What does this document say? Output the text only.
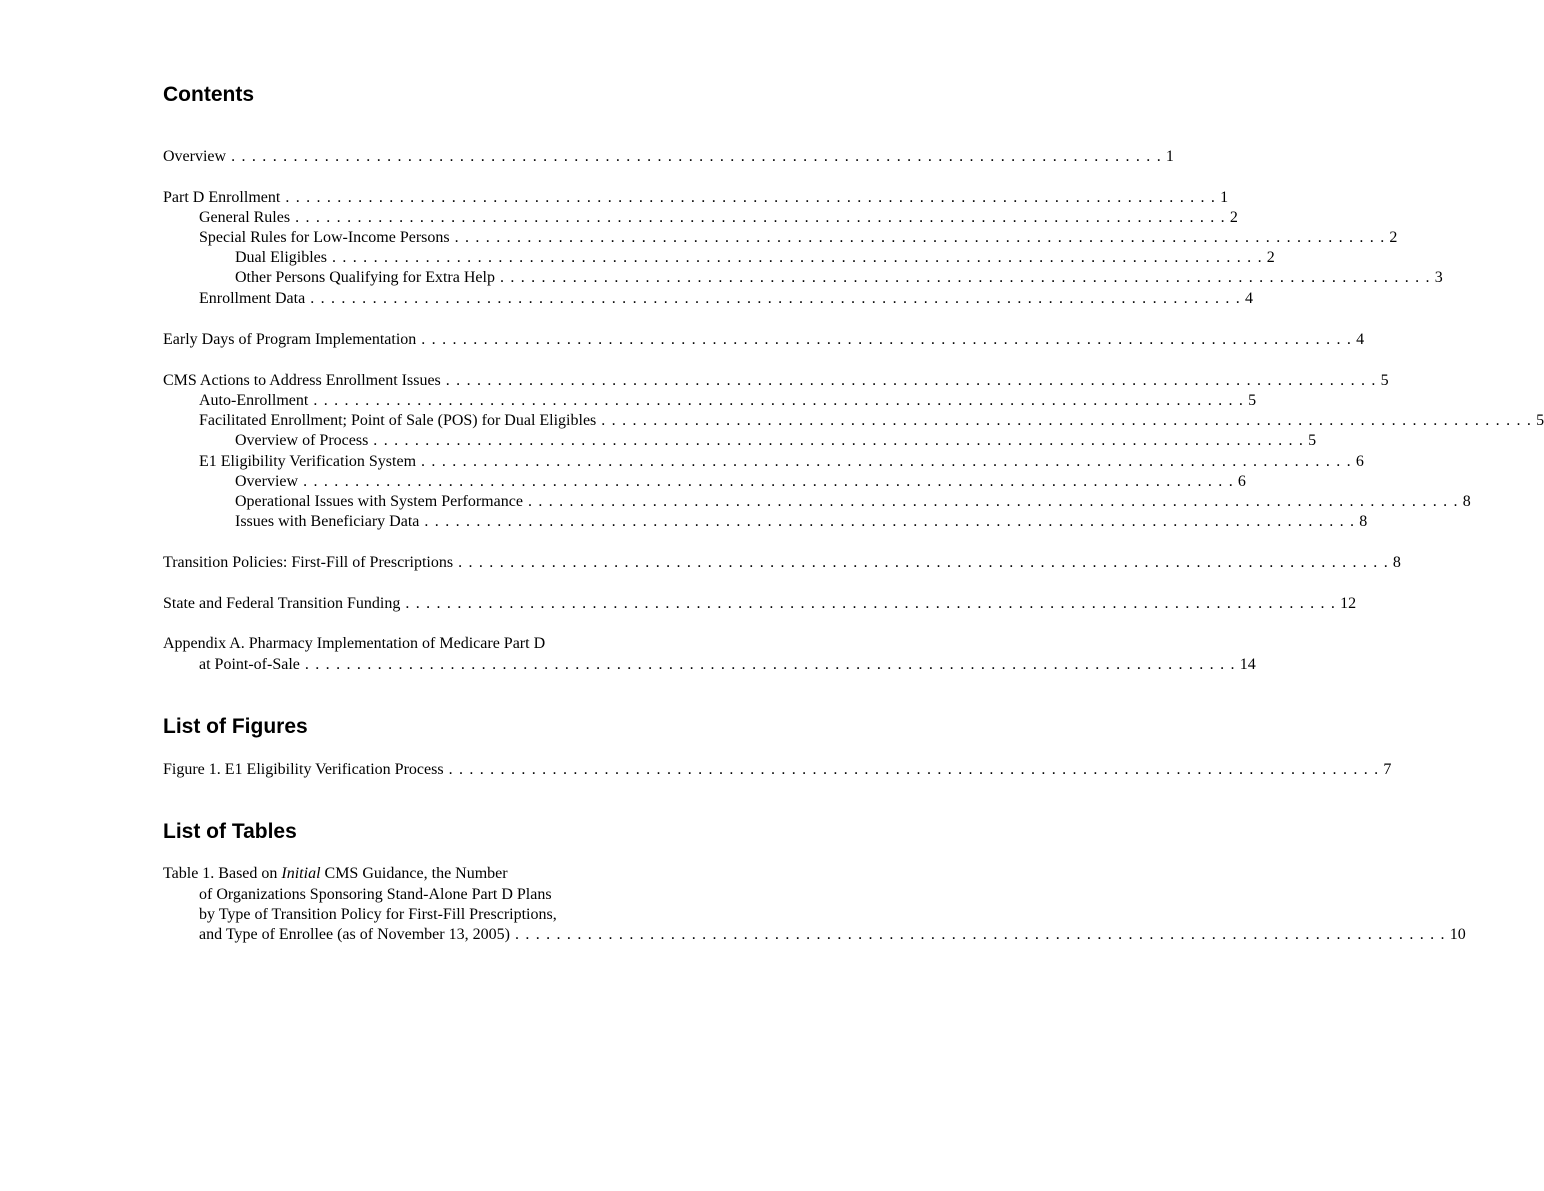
Contents
Overview . . . . . . . . . . . . . . . . . . . . . . . . . . . . . . . . . . . . . . . . . . . . . . . . . . . . . . . . . . . . . . . . . . . . . . . . . . . . . . . . . . . . . . . . . . 1
Part D Enrollment . . . . . . . . . . . . . . . . . . . . . . . . . . . . . . . . . . . . . . . . . . . . . . . . . . . . . . . . . . . . . . . . . . . . . . . . . . . . . . . . . . . . . . . . . . 1
General Rules . . . . . . . . . . . . . . . . . . . . . . . . . . . . . . . . . . . . . . . . . . . . . . . . . . . . . . . . . . . . . . . . . . . . . . . . . . . . . . . . . . . . . . . . . . 2
Special Rules for Low-Income Persons . . . . . . . . . . . . . . . . . . . . . . . . . . . . . . . . . . . . . . . . . . . . . . . . . . . . . . . . . . . . . . . . . . . . . . . . . . . . . . . . . . . . . . . . . . 2
Dual Eligibles . . . . . . . . . . . . . . . . . . . . . . . . . . . . . . . . . . . . . . . . . . . . . . . . . . . . . . . . . . . . . . . . . . . . . . . . . . . . . . . . . . . . . . . . . . 2
Other Persons Qualifying for Extra Help . . . . . . . . . . . . . . . . . . . . . . . . . . . . . . . . . . . . . . . . . . . . . . . . . . . . . . . . . . . . . . . . . . . . . . . . . . . . . . . . . . . . . . . . . . 3
Enrollment Data . . . . . . . . . . . . . . . . . . . . . . . . . . . . . . . . . . . . . . . . . . . . . . . . . . . . . . . . . . . . . . . . . . . . . . . . . . . . . . . . . . . . . . . . . . 4
Early Days of Program Implementation . . . . . . . . . . . . . . . . . . . . . . . . . . . . . . . . . . . . . . . . . . . . . . . . . . . . . . . . . . . . . . . . . . . . . . . . . . . . . . . . . . . . . . . . . . 4
CMS Actions to Address Enrollment Issues . . . . . . . . . . . . . . . . . . . . . . . . . . . . . . . . . . . . . . . . . . . . . . . . . . . . . . . . . . . . . . . . . . . . . . . . . . . . . . . . . . . . . . . . . . 5
Auto-Enrollment . . . . . . . . . . . . . . . . . . . . . . . . . . . . . . . . . . . . . . . . . . . . . . . . . . . . . . . . . . . . . . . . . . . . . . . . . . . . . . . . . . . . . . . . . . 5
Facilitated Enrollment; Point of Sale (POS) for Dual Eligibles . . . . . . . . . . . . . . . . . . . . . . . . . . . . . . . . . . . . . . . . . . . . . . . . . . . . . . . . . . . . . . . . . . . . . . . . . . . . . . . . . . . . . . . . . . 5
Overview of Process . . . . . . . . . . . . . . . . . . . . . . . . . . . . . . . . . . . . . . . . . . . . . . . . . . . . . . . . . . . . . . . . . . . . . . . . . . . . . . . . . . . . . . . . . . 5
E1 Eligibility Verification System . . . . . . . . . . . . . . . . . . . . . . . . . . . . . . . . . . . . . . . . . . . . . . . . . . . . . . . . . . . . . . . . . . . . . . . . . . . . . . . . . . . . . . . . . . 6
Overview . . . . . . . . . . . . . . . . . . . . . . . . . . . . . . . . . . . . . . . . . . . . . . . . . . . . . . . . . . . . . . . . . . . . . . . . . . . . . . . . . . . . . . . . . . 6
Operational Issues with System Performance . . . . . . . . . . . . . . . . . . . . . . . . . . . . . . . . . . . . . . . . . . . . . . . . . . . . . . . . . . . . . . . . . . . . . . . . . . . . . . . . . . . . . . . . . . 8
Issues with Beneficiary Data . . . . . . . . . . . . . . . . . . . . . . . . . . . . . . . . . . . . . . . . . . . . . . . . . . . . . . . . . . . . . . . . . . . . . . . . . . . . . . . . . . . . . . . . . . 8
Transition Policies: First-Fill of Prescriptions . . . . . . . . . . . . . . . . . . . . . . . . . . . . . . . . . . . . . . . . . . . . . . . . . . . . . . . . . . . . . . . . . . . . . . . . . . . . . . . . . . . . . . . . . . 8
State and Federal Transition Funding . . . . . . . . . . . . . . . . . . . . . . . . . . . . . . . . . . . . . . . . . . . . . . . . . . . . . . . . . . . . . . . . . . . . . . . . . . . . . . . . . . . . . . . . . . 12
Appendix A. Pharmacy Implementation of Medicare Part D
at Point-of-Sale . . . . . . . . . . . . . . . . . . . . . . . . . . . . . . . . . . . . . . . . . . . . . . . . . . . . . . . . . . . . . . . . . . . . . . . . . . . . . . . . . . . . . . . . . . 14
List of Figures
Figure 1. E1 Eligibility Verification Process . . . . . . . . . . . . . . . . . . . . . . . . . . . . . . . . . . . . . . . . . . . . . . . . . . . . . . . . . . . . . . . . . . . . . . . . . . . . . . . . . . . . . . . . . . 7
List of Tables
Table 1. Based on Initial CMS Guidance, the Number
of Organizations Sponsoring Stand-Alone Part D Plans
by Type of Transition Policy for First-Fill Prescriptions,
and Type of Enrollee (as of November 13, 2005) . . . . . . . . . . . . . . . . . . . . . . . . . . . . . . . . . . . . . . . . . . . . . . . . . . . . . . . . . . . . . . . . . . . . . . . . . . . . . . . . . . . . . . . . . . 10
